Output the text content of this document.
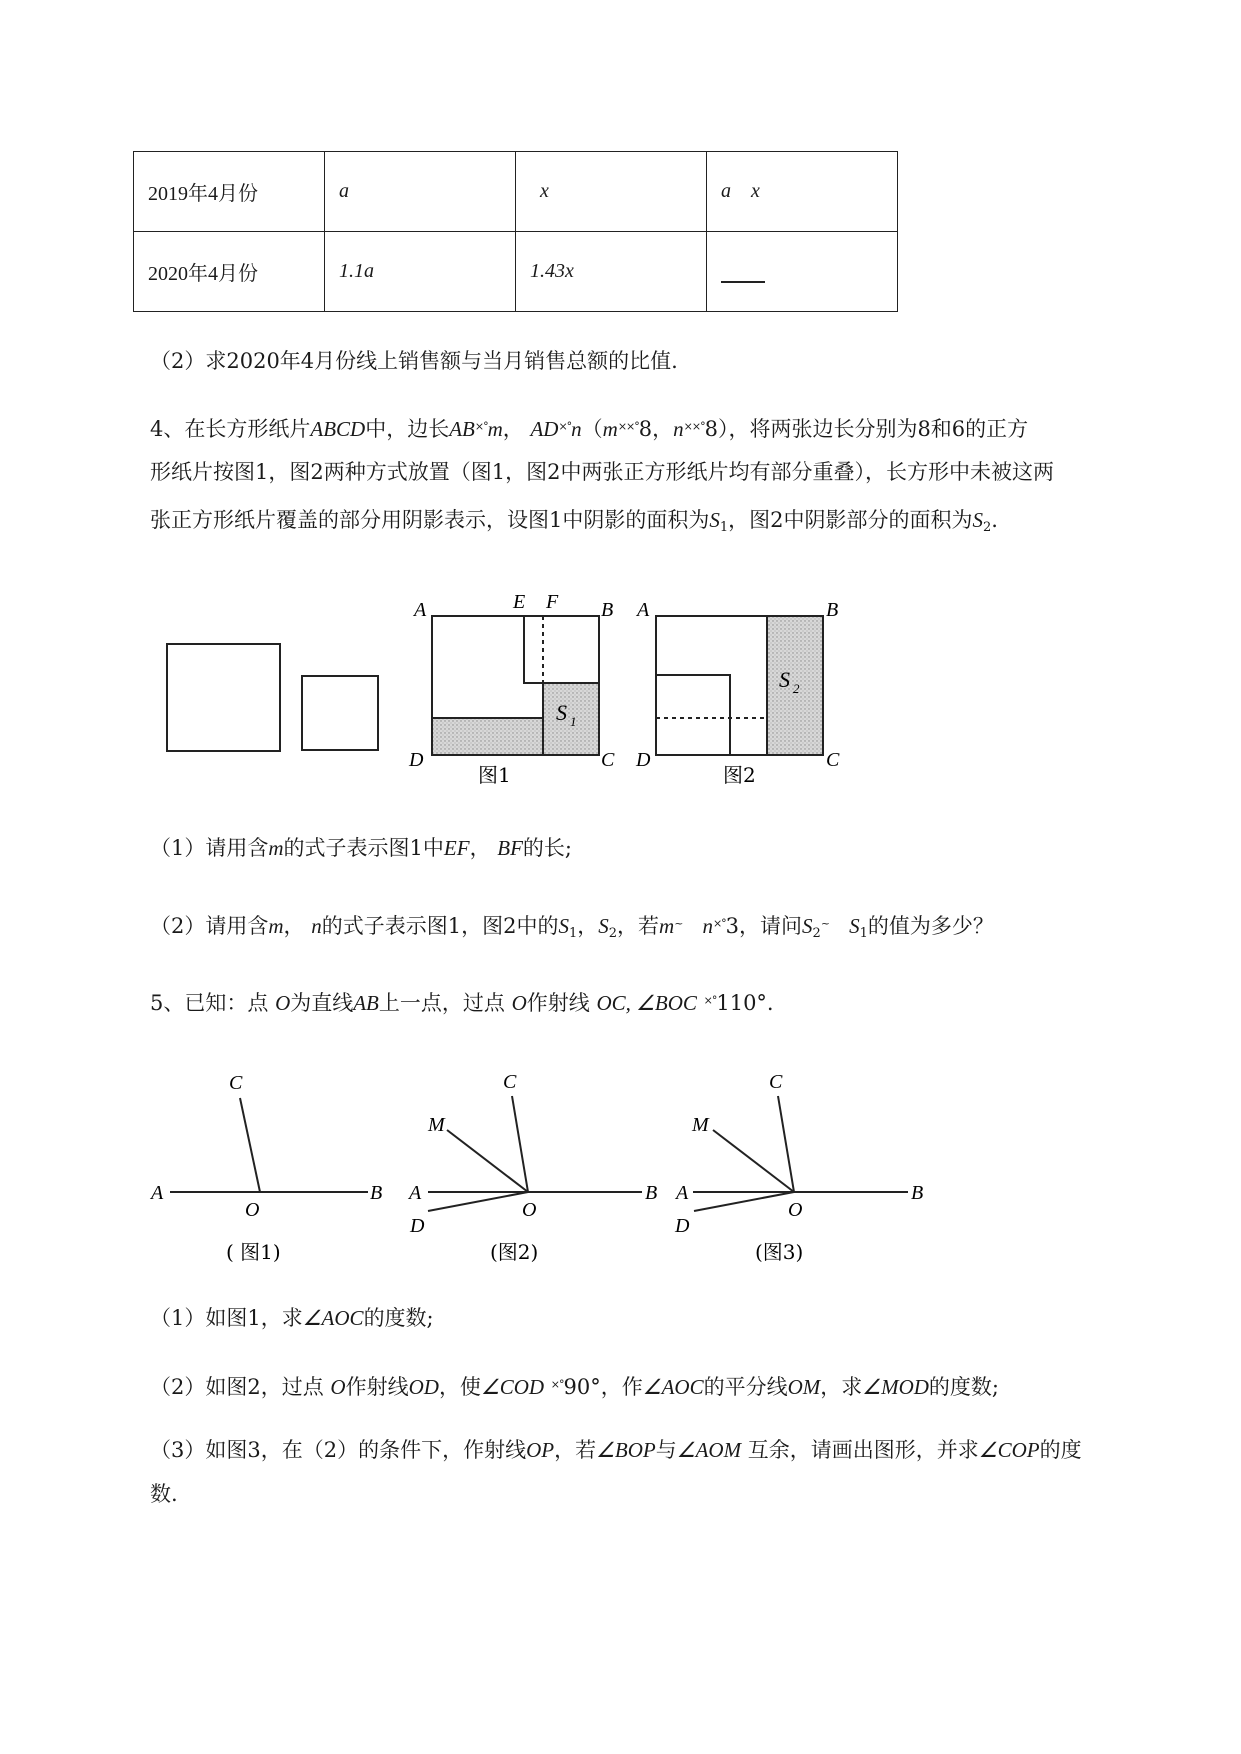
2019年4月份	a	x	a    x
2020年4月份	1.1a	1.43x	
（2）求2020年4月份线上销售额与当月销售总额的比值.
4、在长方形纸片ABCD中，边长AB×°m， AD×°n（m××°8，n××°8），将两张边长分别为8和6的正方
形纸片按图1，图2两种方式放置（图1，图2中两张正方形纸片均有部分重叠），长方形中未被这两
张正方形纸片覆盖的部分用阴影表示，设图1中阴影的面积为$S_1$，图2中阴影部分的面积为$S_2$.
A	E F B
C
D
S 1
图1
A	B
C
D
S 2
图2
（1）请用含m的式子表示图1中EF， BF的长;
（2）请用含m， n的式子表示图1，图2中的$S_1$，$S_2$，若m~ n×°3，请问$S_2^\sim$ $S_1$的值为多少？
5、已知：点 O为直线AB上一点，过点 O作射线 OC, ∠BOC ×°110°.
A	B
C
O
( 图1)
A	B
C
M
D
O
(图2)
A	B
C
M
D
O
(图3)
（1）如图1，求∠AOC的度数;
（2）如图2，过点 O作射线OD，使∠COD ×°90°，作∠AOC的平分线OM，求∠MOD的度数;
（3）如图3，在（2）的条件下，作射线OP，若∠BOP与∠AOM 互余，请画出图形，并求∠COP的度
数.
